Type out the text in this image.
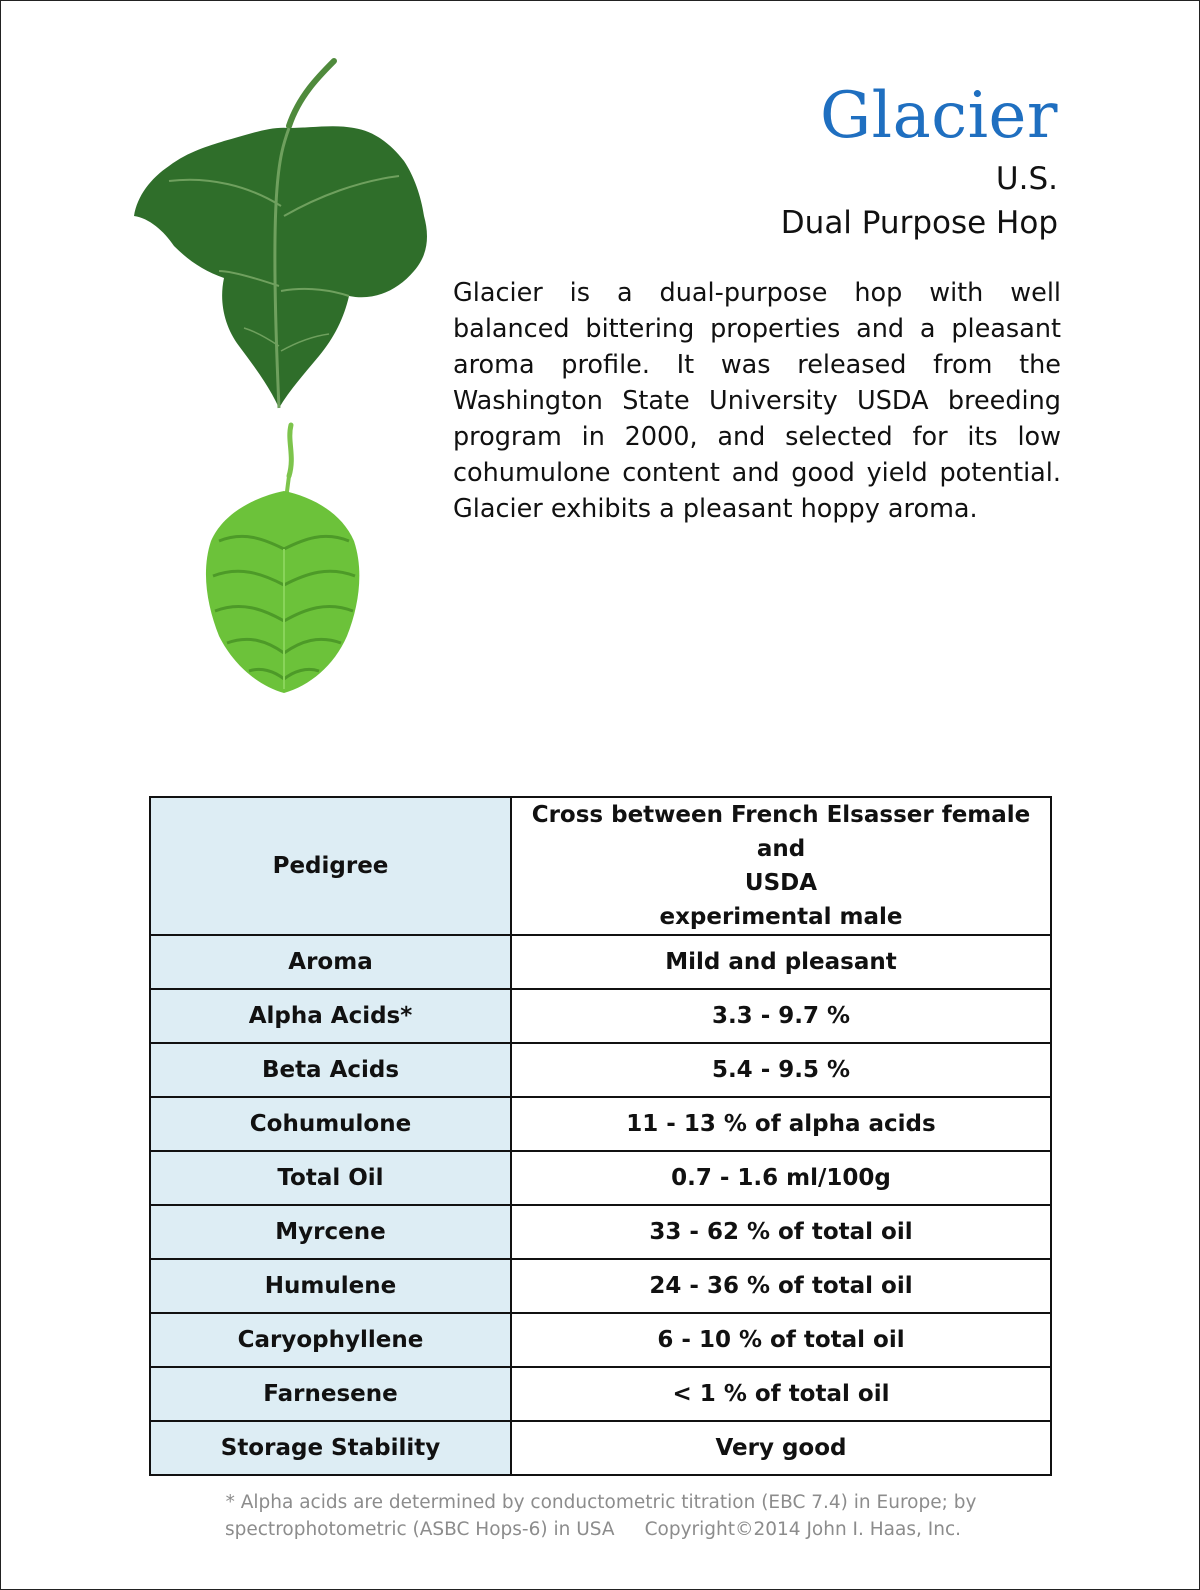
Glacier
U.S.
Dual Purpose Hop

Glacier is a dual-purpose hop with well balanced bittering properties and a pleasant aroma profile. It was released from the Washington State University USDA breeding program in 2000, and selected for its low cohumulone content and good yield potential. Glacier exhibits a pleasant hoppy aroma.

Pedigree	Cross between French Elsasser female and
USDA
experimental male
Aroma	Mild and pleasant
Alpha Acids*	3.3 - 9.7 %
Beta Acids	5.4 - 9.5 %
Cohumulone	11 - 13 % of alpha acids
Total Oil	0.7 - 1.6 ml/100g
Myrcene	33 - 62 % of total oil
Humulene	24 - 36 % of total oil
Caryophyllene	6 - 10 % of total oil
Farnesene	< 1 % of total oil
Storage Stability	Very good
* Alpha acids are determined by conductometric titration (EBC 7.4) in Europe; by
spectrophotometric (ASBC Hops-6) in USA Copyright©2014 John I. Haas, Inc.
